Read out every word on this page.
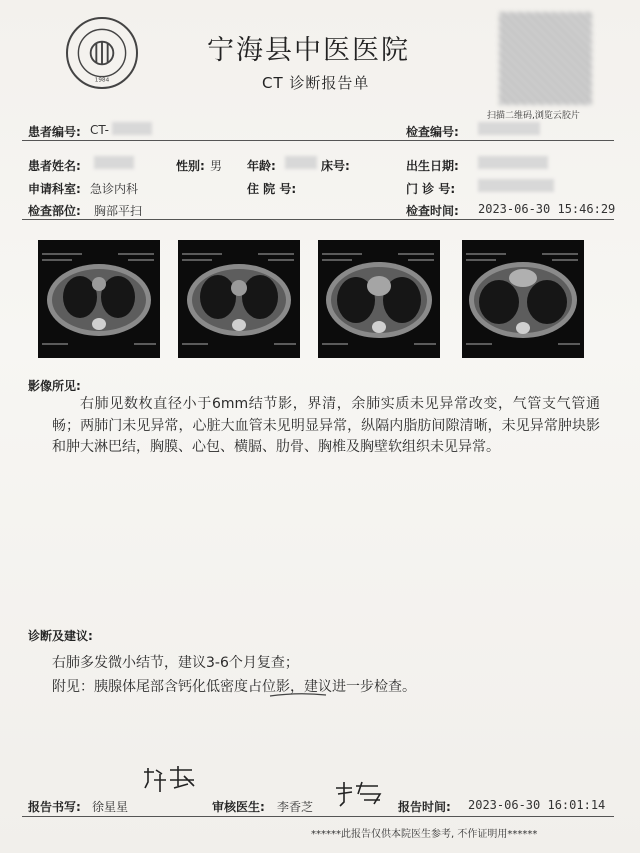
1984
宁海县中医医院
CT 诊断报告单
扫描二维码,浏览云胶片
患者编号: CT-	检查编号:
患者姓名:	性别: 男 年龄:	床号:	出生日期:
申请科室: 急诊内科	住 院 号:	门 诊 号:
检查部位: 胸部平扫	检查时间: 2023-06-30 15:46:29
影像所见:
右肺见数枚直径小于6mm结节影，界清，余肺实质未见异常改变，气管支气管通畅；两肺门未见异常，心脏大血管未见明显异常，纵隔内脂肪间隙清晰，未见异常肿块影和肿大淋巴结，胸膜、心包、横膈、肋骨、胸椎及胸壁软组织未见异常。
诊断及建议:
右肺多发微小结节，建议3-6个月复查；
附见：胰腺体尾部含钙化低密度占位影，建议进一步检查。
报告书写: 徐星星	审核医生: 李香芝	报告时间: 2023-06-30 16:01:14
******此报告仅供本院医生参考, 不作证明用******
